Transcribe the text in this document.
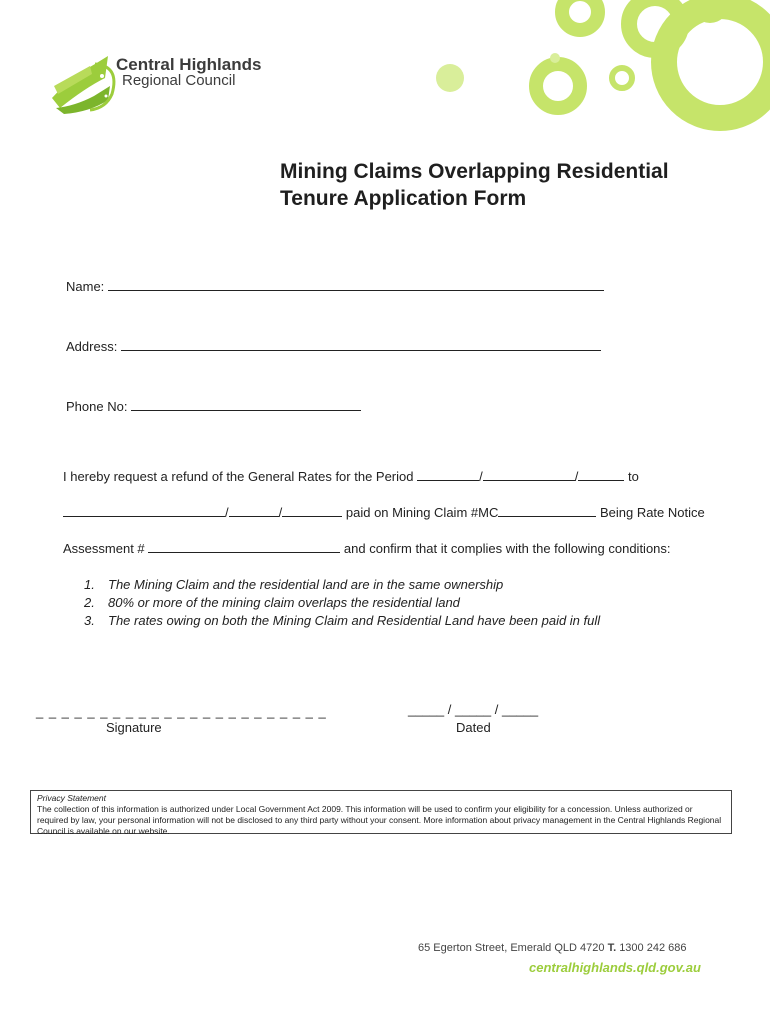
Central Highlands
Regional Council
Mining Claims Overlapping Residential
Tenure Application Form
Name:
Address:
Phone No:
I hereby request a refund of the General Rates for the Period	/	/	to
/	/	paid on Mining Claim #MC	Being Rate Notice
Assessment #	and confirm that it complies with the following conditions:
1. The Mining Claim and the residential land are in the same ownership
2. 80% or more of the mining claim overlaps the residential land
3. The rates owing on both the Mining Claim and Residential Land have been paid in full
_ _ _ _ _ _ _ _ _ _ _ _ _ _ _ _ _ _ _ _ _ _ _
Signature
_____ / _____ / _____
Dated
Privacy Statement
The collection of this information is authorized under Local Government Act 2009. This information will be used to confirm your eligibility for a concession. Unless authorized or required by law, your personal information will not be disclosed to any third party without your consent. More information about privacy management in the Central Highlands Regional Council is available on our website.
65 Egerton Street, Emerald QLD 4720 T. 1300 242 686
centralhighlands.qld.gov.au
